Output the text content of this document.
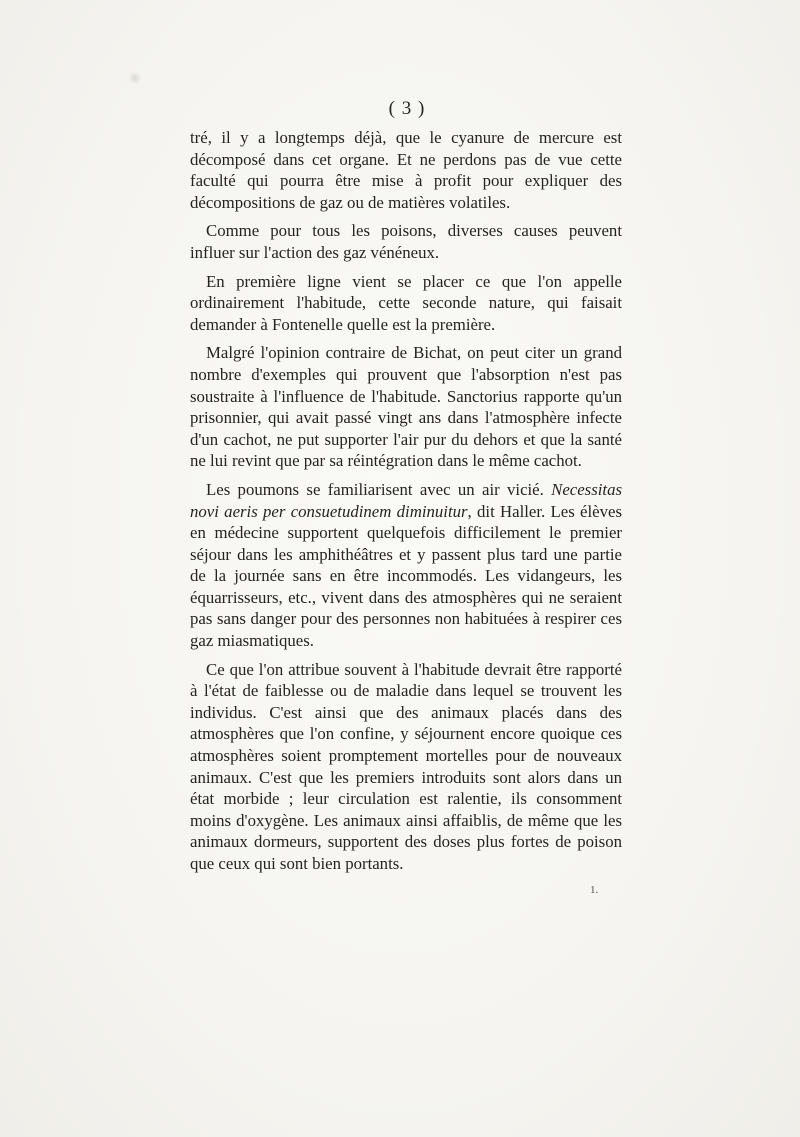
( 3 )

tré, il y a longtemps déjà, que le cyanure de mercure est décomposé dans cet organe. Et ne perdons pas de vue cette faculté qui pourra être mise à profit pour expliquer des décompositions de gaz ou de matières volatiles.

Comme pour tous les poisons, diverses causes peuvent influer sur l'action des gaz vénéneux.

En première ligne vient se placer ce que l'on appelle ordinairement l'habitude, cette seconde nature, qui faisait demander à Fontenelle quelle est la première.

Malgré l'opinion contraire de Bichat, on peut citer un grand nombre d'exemples qui prouvent que l'absorption n'est pas soustraite à l'influence de l'habitude. Sanctorius rapporte qu'un prisonnier, qui avait passé vingt ans dans l'atmosphère infecte d'un cachot, ne put supporter l'air pur du dehors et que la santé ne lui revint que par sa réintégration dans le même cachot.

Les poumons se familiarisent avec un air vicié. Necessitas novi aeris per consuetudinem diminuitur, dit Haller. Les élèves en médecine supportent quelquefois difficilement le premier séjour dans les amphithéâtres et y passent plus tard une partie de la journée sans en être incommodés. Les vidangeurs, les équarrisseurs, etc., vivent dans des atmosphères qui ne seraient pas sans danger pour des personnes non habituées à respirer ces gaz miasmatiques.

Ce que l'on attribue souvent à l'habitude devrait être rapporté à l'état de faiblesse ou de maladie dans lequel se trouvent les individus. C'est ainsi que des animaux placés dans des atmosphères que l'on confine, y séjournent encore quoique ces atmosphères soient promptement mortelles pour de nouveaux animaux. C'est que les premiers introduits sont alors dans un état morbide ; leur circulation est ralentie, ils consomment moins d'oxygène. Les animaux ainsi affaiblis, de même que les animaux dormeurs, supportent des doses plus fortes de poison que ceux qui sont bien portants.

1.
